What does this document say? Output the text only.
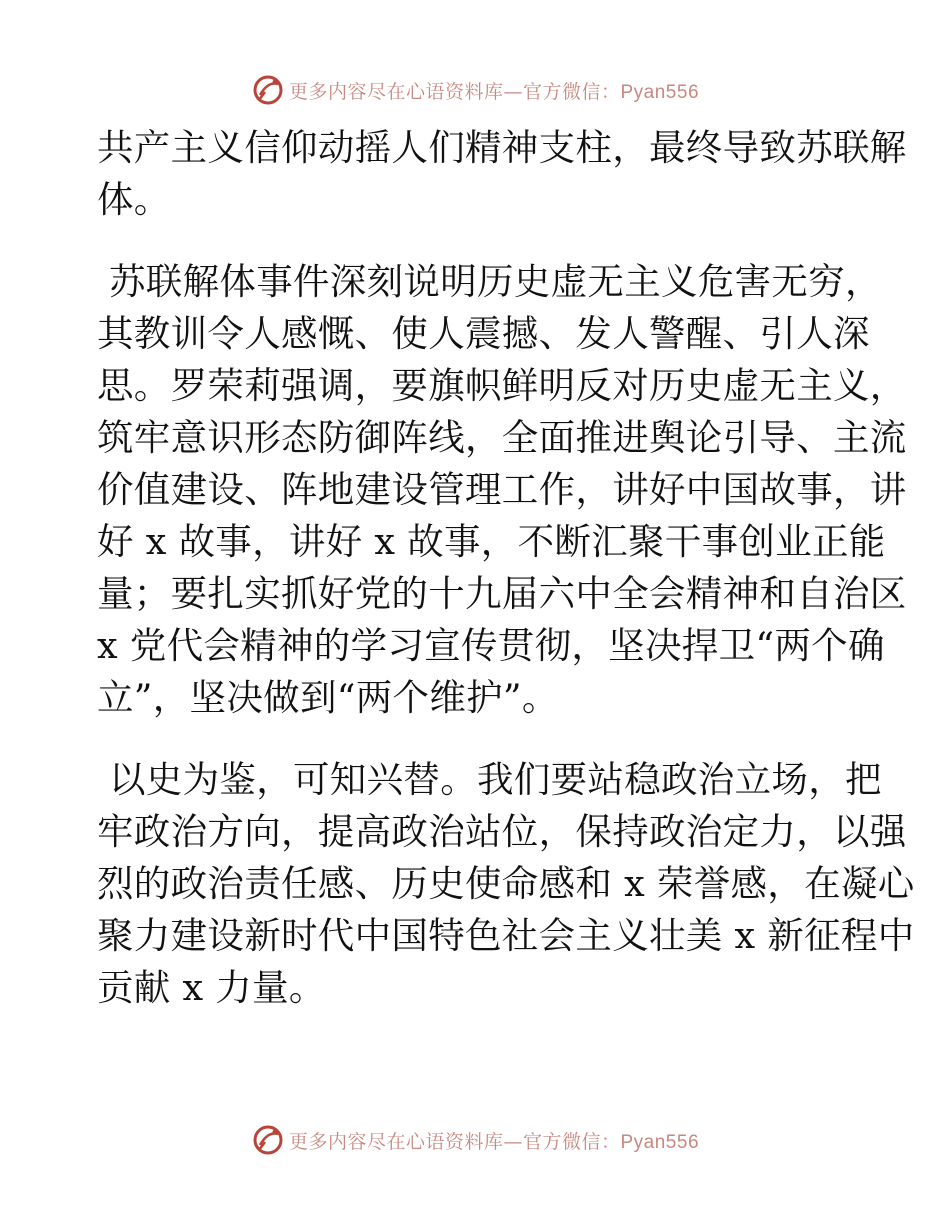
更多内容尽在心语资料库—官方微信：Pyan556

共产主义信仰动摇人们精神支柱，最终导致苏联解
体。

苏联解体事件深刻说明历史虚无主义危害无穷，
其教训令人感慨、使人震撼、发人警醒、引人深
思。罗荣莉强调，要旗帜鲜明反对历史虚无主义，
筑牢意识形态防御阵线，全面推进舆论引导、主流
价值建设、阵地建设管理工作，讲好中国故事，讲
好 x 故事，讲好 x 故事，不断汇聚干事创业正能
量；要扎实抓好党的十九届六中全会精神和自治区
x 党代会精神的学习宣传贯彻，坚决捍卫“两个确
立”，坚决做到“两个维护”。

以史为鉴，可知兴替。我们要站稳政治立场，把
牢政治方向，提高政治站位，保持政治定力，以强
烈的政治责任感、历史使命感和 x 荣誉感，在凝心
聚力建设新时代中国特色社会主义壮美 x 新征程中
贡献 x 力量。

更多内容尽在心语资料库—官方微信：Pyan556
